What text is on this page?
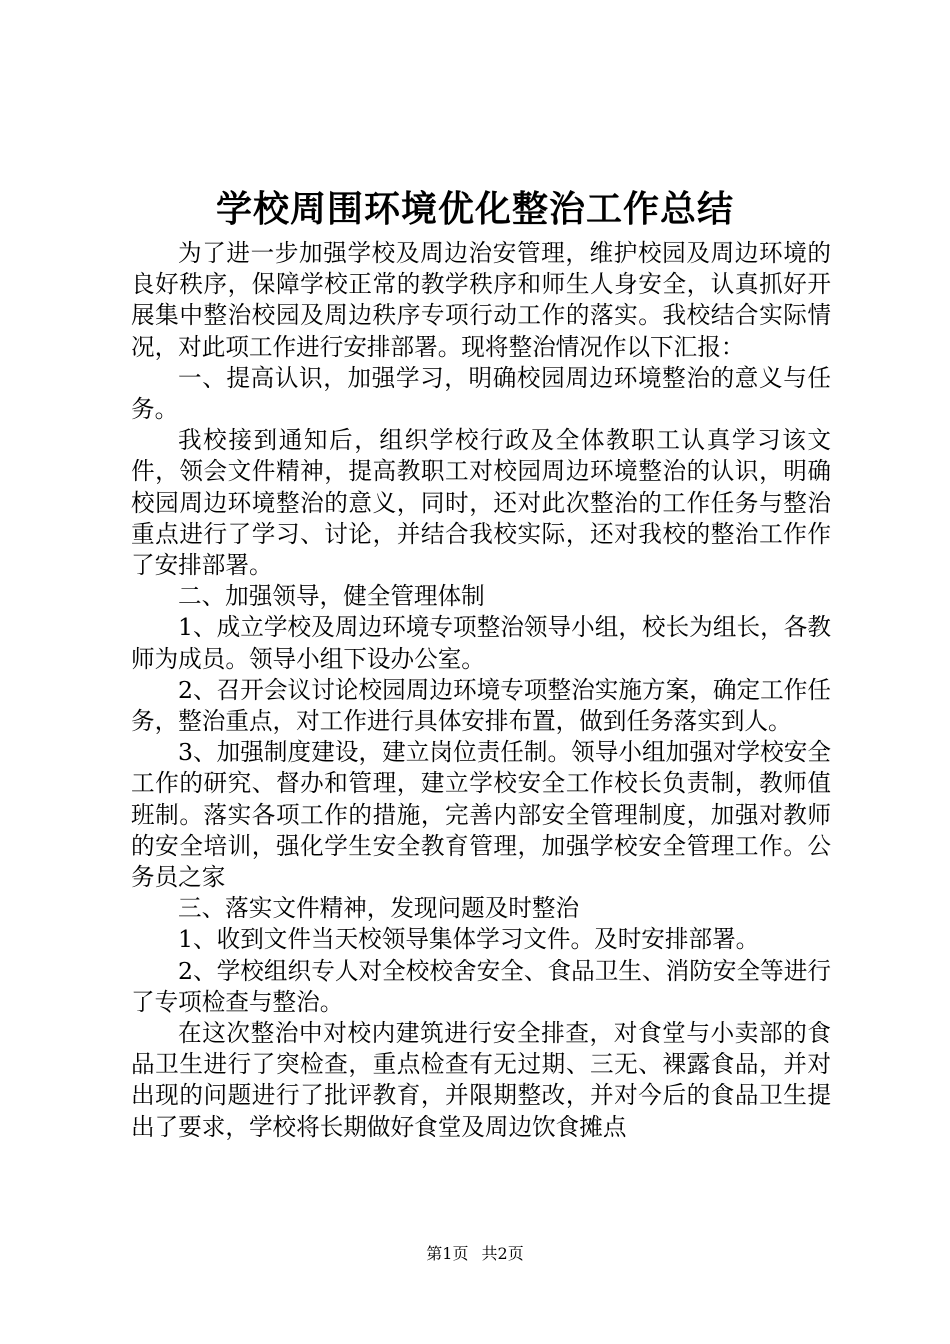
学校周围环境优化整治工作总结

为了进一步加强学校及周边治安管理，维护校园及周边环境的良好秩序，保障学校正常的教学秩序和师生人身安全，认真抓好开展集中整治校园及周边秩序专项行动工作的落实。我校结合实际情况，对此项工作进行安排部署。现将整治情况作以下汇报：

一、提高认识，加强学习，明确校园周边环境整治的意义与任务。

我校接到通知后，组织学校行政及全体教职工认真学习该文件，领会文件精神，提高教职工对校园周边环境整治的认识，明确校园周边环境整治的意义，同时，还对此次整治的工作任务与整治重点进行了学习、讨论，并结合我校实际，还对我校的整治工作作了安排部署。

二、加强领导，健全管理体制

1、成立学校及周边环境专项整治领导小组，校长为组长，各教师为成员。领导小组下设办公室。

2、召开会议讨论校园周边环境专项整治实施方案，确定工作任务，整治重点，对工作进行具体安排布置，做到任务落实到人。

3、加强制度建设，建立岗位责任制。领导小组加强对学校安全工作的研究、督办和管理，建立学校安全工作校长负责制，教师值班制。落实各项工作的措施，完善内部安全管理制度，加强对教师的安全培训，强化学生安全教育管理，加强学校安全管理工作。公务员之家

三、落实文件精神，发现问题及时整治

1、收到文件当天校领导集体学习文件。及时安排部署。

2、学校组织专人对全校校舍安全、食品卫生、消防安全等进行了专项检查与整治。

在这次整治中对校内建筑进行安全排查，对食堂与小卖部的食品卫生进行了突检查，重点检查有无过期、三无、裸露食品，并对出现的问题进行了批评教育，并限期整改，并对今后的食品卫生提出了要求，学校将长期做好食堂及周边饮食摊点

第1页 共2页
